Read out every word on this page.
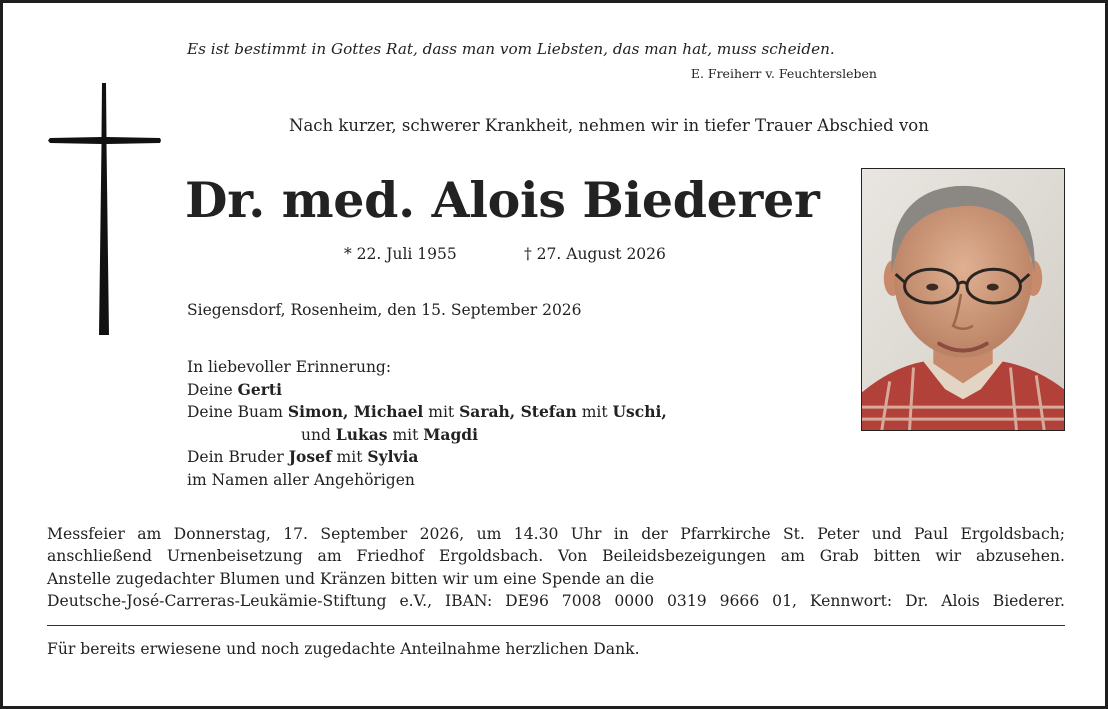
Es ist bestimmt in Gottes Rat, dass man vom Liebsten, das man hat, muss scheiden.
E. Freiherr v. Feuchtersleben
Nach kurzer, schwerer Krankheit, nehmen wir in tiefer Trauer Abschied von
Dr. med. Alois Biederer
* 22. Juli 1955	† 27. August 2026
Siegensdorf, Rosenheim, den 15. September 2026
In liebevoller Erinnerung:
Deine Gerti
Deine Buam Simon, Michael mit Sarah, Stefan mit Uschi,
und Lukas mit Magdi
Dein Bruder Josef mit Sylvia
im Namen aller Angehörigen
Messfeier am Donnerstag, 17. September 2026, um 14.30 Uhr in der Pfarrkirche St. Peter und Paul Ergoldsbach;
anschließend Urnenbeisetzung am Friedhof Ergoldsbach. Von Beileidsbezeigungen am Grab bitten wir abzusehen.
Anstelle zugedachter Blumen und Kränzen bitten wir um eine Spende an die
Deutsche-José-Carreras-Leukämie-Stiftung e.V., IBAN: DE96 7008 0000 0319 9666 01, Kennwort: Dr. Alois Biederer.
Für bereits erwiesene und noch zugedachte Anteilnahme herzlichen Dank.
